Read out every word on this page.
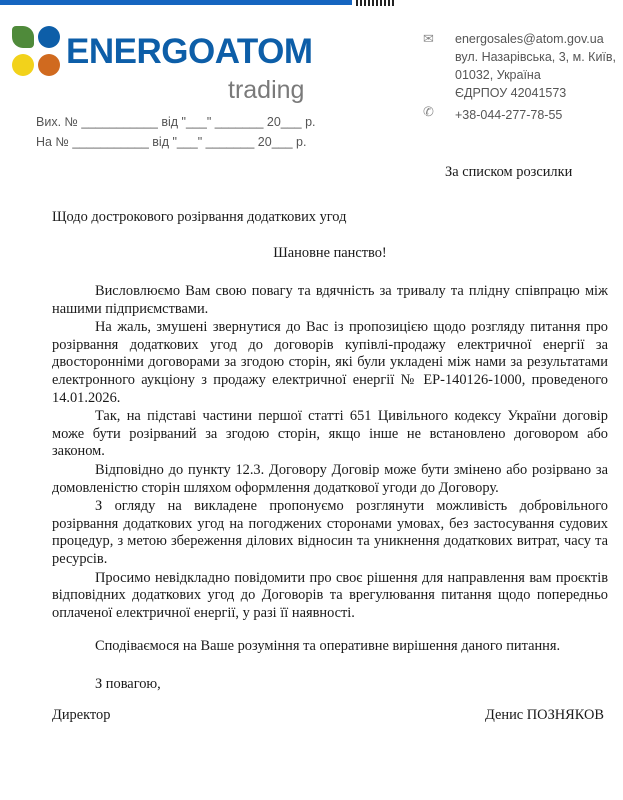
ENERGOATOM
trading
Вих. № ___________ від "___" _______ 20___ р.
На № ___________ від "___" _______ 20___ р.
✉
✆
energosales@atom.gov.ua
вул. Назарівська, 3, м. Київ,
01032, Україна
ЄДРПОУ 42041573
+38-044-277-78-55
За списком розсилки
Щодо дострокового розірвання додаткових угод
Шановне панство!

Висловлюємо Вам свою повагу та вдячність за тривалу та плідну співпрацю між нашими підприємствами.

На жаль, змушені звернутися до Вас із пропозицією щодо розгляду питання про розірвання додаткових угод до договорів купівлі-продажу електричної енергії за двосторонніми договорами за згодою сторін, які були укладені між нами за результатами електронного аукціону з продажу електричної енергії № ЕР-140126-1000, проведеного 14.01.2026.

Так, на підставі частини першої статті 651 Цивільного кодексу України договір може бути розірваний за згодою сторін, якщо інше не встановлено договором або законом.

Відповідно до пункту 12.3. Договору Договір може бути змінено або розірвано за домовленістю сторін шляхом оформлення додаткової угоди до Договору.

З огляду на викладене пропонуємо розглянути можливість добровільного розірвання додаткових угод на погоджених сторонами умовах, без застосування судових процедур, з метою збереження ділових відносин та уникнення додаткових витрат, часу та ресурсів.

Просимо невідкладно повідомити про своє рішення для направлення вам проєктів відповідних додаткових угод до Договорів та врегулювання питання щодо попередньо оплаченої електричної енергії, у разі її наявності.

Сподіваємося на Ваше розуміння та оперативне вирішення даного питання.
З повагою,
Директор	Денис ПОЗНЯКОВ
